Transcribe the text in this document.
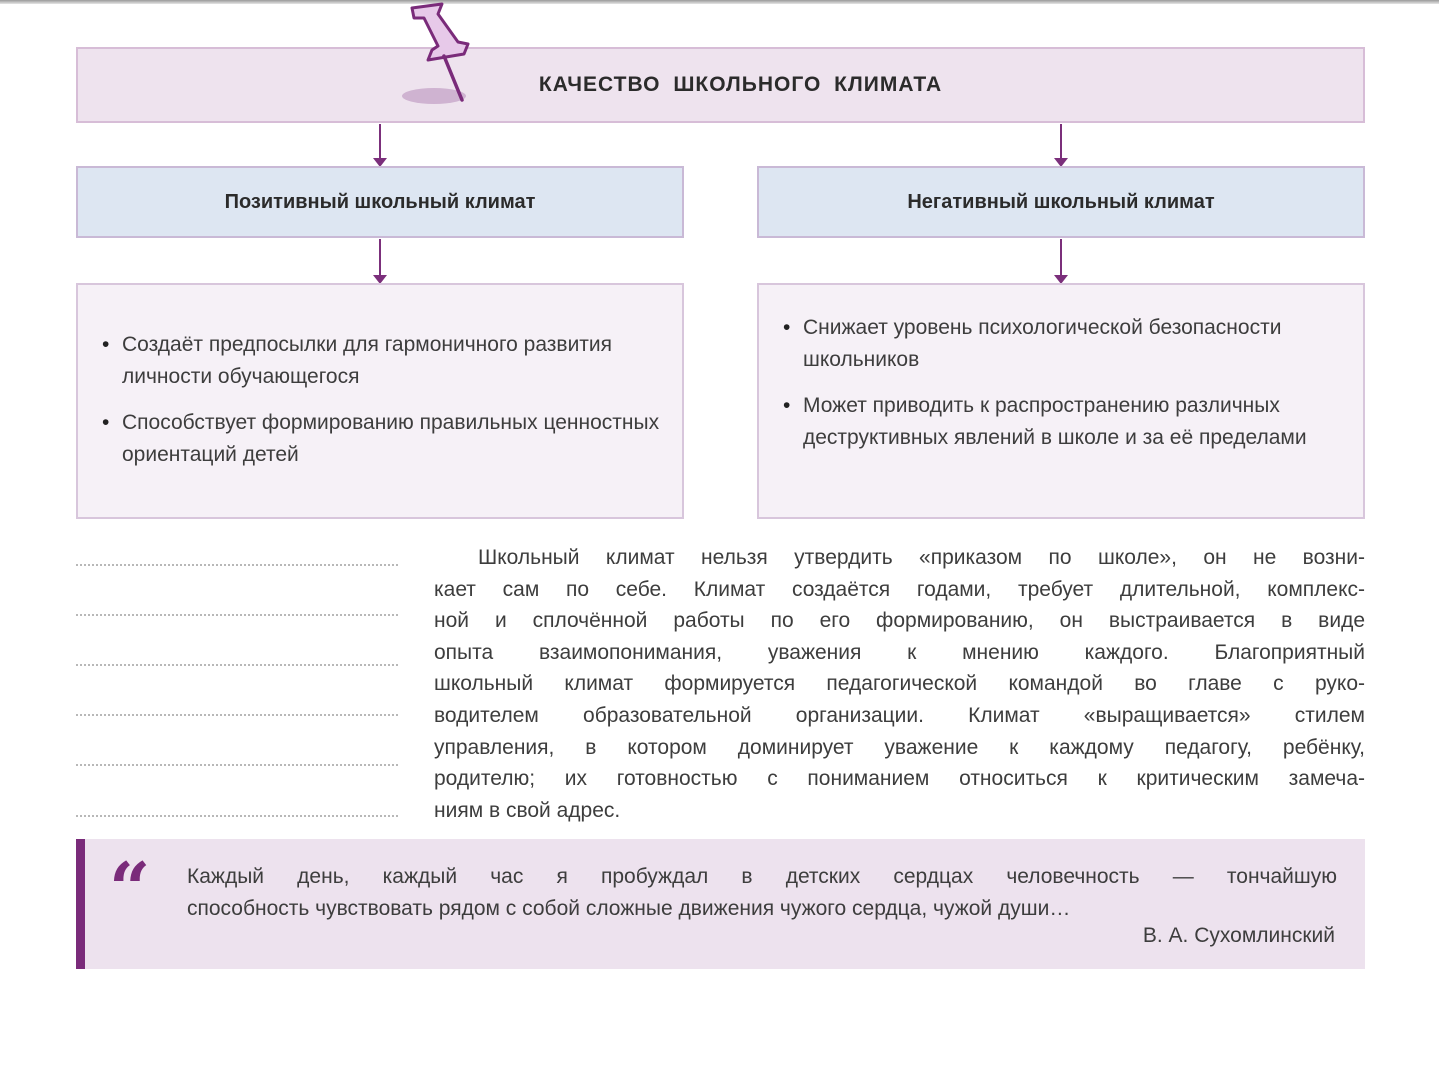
КАЧЕСТВО ШКОЛЬНОГО КЛИМАТА
Позитивный школьный климат	Негативный школьный климат
• Создаёт предпосылки для гармоничного развития личности обучающегося
• Способствует формированию правильных ценностных ориентаций детей
• Снижает уровень психологической безопасности школьников
• Может приводить к распространению различных деструктивных явлений в школе и за её пределами
Школьный климат нельзя утвердить «приказом по школе», он не возни-
кает сам по себе. Климат создаётся годами, требует длительной, комплекс-
ной и сплочённой работы по его формированию, он выстраивается в виде
опыта взаимопонимания, уважения к мнению каждого. Благоприятный
школьный климат формируется педагогической командой во главе с руко-
водителем образовательной организации. Климат «выращивается» стилем
управления, в котором доминирует уважение к каждому педагогу, ребёнку,
родителю; их готовностью с пониманием относиться к критическим замеча-
ниям в свой адрес.
“ Каждый день, каждый час я пробуждал в детских сердцах человечность — тончайшую
способность чувствовать рядом с собой сложные движения чужого сердца, чужой души…
В. А. Сухомлинский
